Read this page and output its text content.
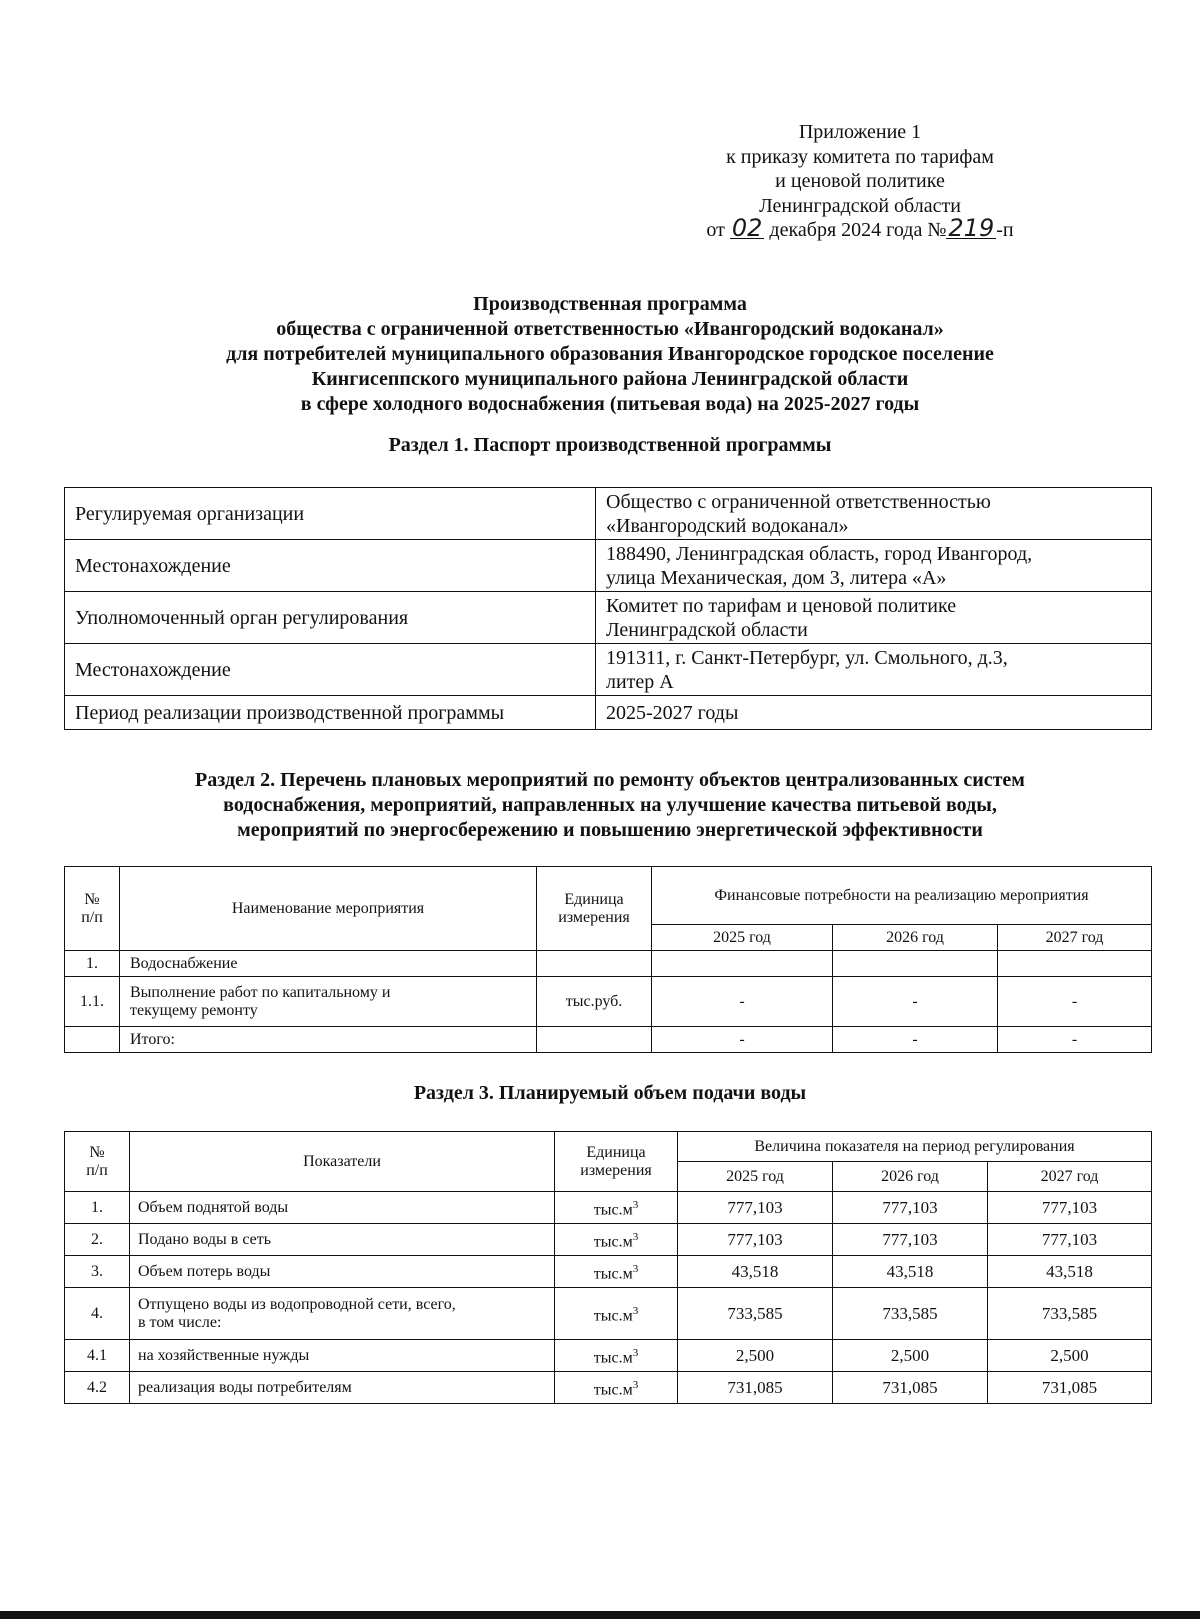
Приложение 1
к приказу комитета по тарифам
и ценовой политике
Ленинградской области
от 02 декабря 2024 года №219 -п
Производственная программа
общества с ограниченной ответственностью «Ивангородский водоканал»
для потребителей муниципального образования Ивангородское городское поселение
Кингисеппского муниципального района Ленинградской области
в сфере холодного водоснабжения (питьевая вода) на 2025-2027 годы
Раздел 1. Паспорт производственной программы
Регулируемая организации	Общество с ограниченной ответственностью
«Ивангородский водоканал»
Местонахождение	188490, Ленинградская область, город Ивангород,
улица Механическая, дом 3, литера «А»
Уполномоченный орган регулирования	Комитет по тарифам и ценовой политике
Ленинградской области
Местонахождение	191311, г. Санкт-Петербург, ул. Смольного, д.3,
литер А
Период реализации производственной программы	2025-2027 годы
Раздел 2. Перечень плановых мероприятий по ремонту объектов централизованных систем
водоснабжения, мероприятий, направленных на улучшение качества питьевой воды,
мероприятий по энергосбережению и повышению энергетической эффективности
№
п/п	Наименование мероприятия	Единица
измерения	Финансовые потребности на реализацию мероприятия		
			2025 год	2026 год	2027 год
1.	Водоснабжение				
1.1.	Выполнение работ по капитальному и
текущему ремонту	тыс.руб.	-	-	-
	Итого:		-	-	-
Раздел 3. Планируемый объем подачи воды
№
п/п	Показатели	Единица
измерения	Величина показателя на период регулирования		
			2025 год	2026 год	2027 год
1.	Объем поднятой воды	$тыс.м^3$	777,103	777,103	777,103
2.	Подано воды в сеть	$тыс.м^3$	777,103	777,103	777,103
3.	Объем потерь воды	$тыс.м^3$	43,518	43,518	43,518
4.	Отпущено воды из водопроводной сети, всего,
в том числе:	$тыс.м^3$	733,585	733,585	733,585
4.1	на хозяйственные нужды	$тыс.м^3$	2,500	2,500	2,500
4.2	реализация воды потребителям	$тыс.м^3$	731,085	731,085	731,085
